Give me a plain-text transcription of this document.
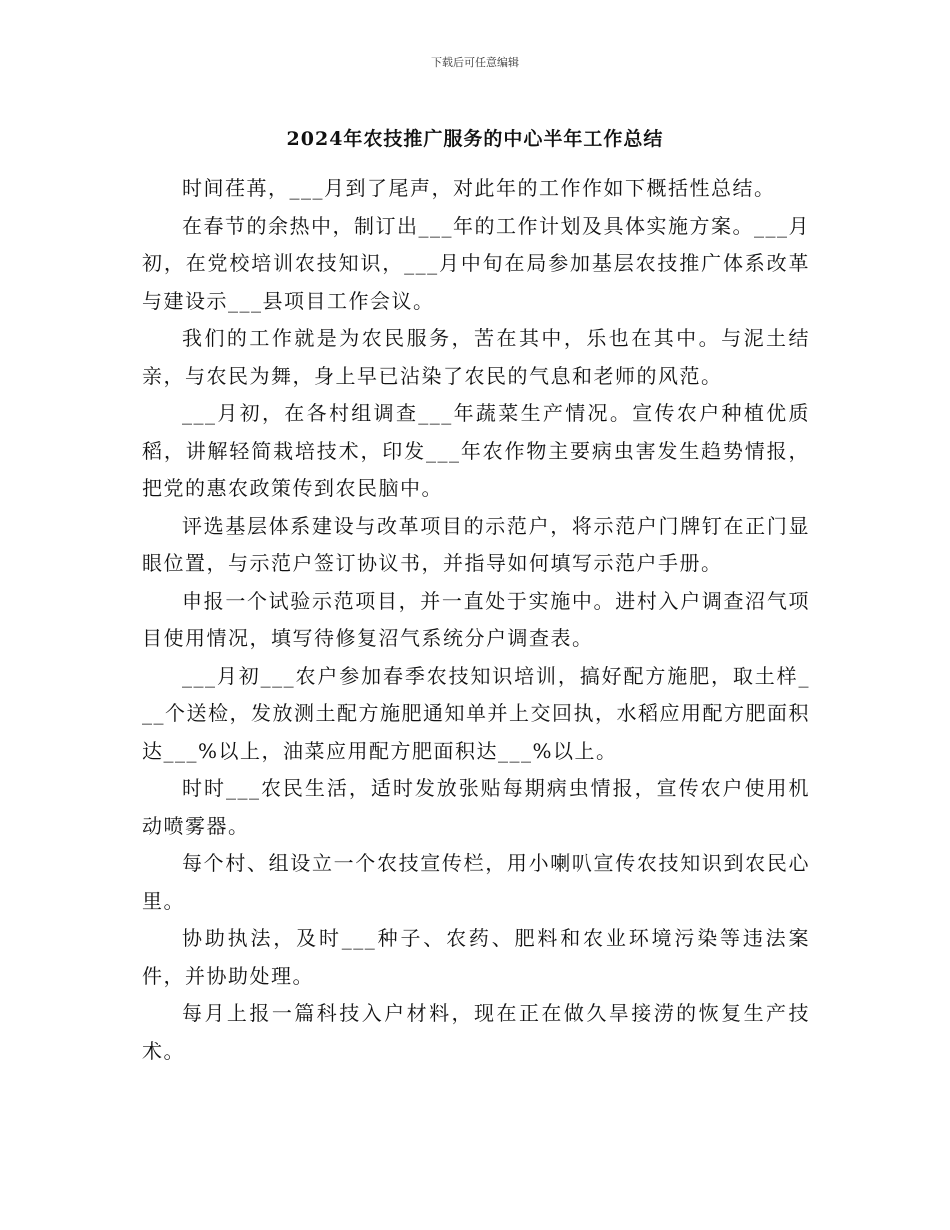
下载后可任意编辑
2024年农技推广服务的中心半年工作总结

时间荏苒，___月到了尾声，对此年的工作作如下概括性总结。

在春节的余热中，制订出___年的工作计划及具体实施方案。___月初，在党校培训农技知识，___月中旬在局参加基层农技推广体系改革与建设示___县项目工作会议。

我们的工作就是为农民服务，苦在其中，乐也在其中。与泥土结亲，与农民为舞，身上早已沾染了农民的气息和老师的风范。

___月初，在各村组调查___年蔬菜生产情况。宣传农户种植优质稻，讲解轻简栽培技术，印发___年农作物主要病虫害发生趋势情报，把党的惠农政策传到农民脑中。

评选基层体系建设与改革项目的示范户，将示范户门牌钉在正门显眼位置，与示范户签订协议书，并指导如何填写示范户手册。

申报一个试验示范项目，并一直处于实施中。进村入户调查沼气项目使用情况，填写待修复沼气系统分户调查表。

___月初___农户参加春季农技知识培训，搞好配方施肥，取土样___个送检，发放测土配方施肥通知单并上交回执，水稻应用配方肥面积达___%以上，油菜应用配方肥面积达___%以上。

时时___农民生活，适时发放张贴每期病虫情报，宣传农户使用机动喷雾器。

每个村、组设立一个农技宣传栏，用小喇叭宣传农技知识到农民心里。

协助执法，及时___种子、农药、肥料和农业环境污染等违法案件，并协助处理。

每月上报一篇科技入户材料，现在正在做久旱接涝的恢复生产技术。
